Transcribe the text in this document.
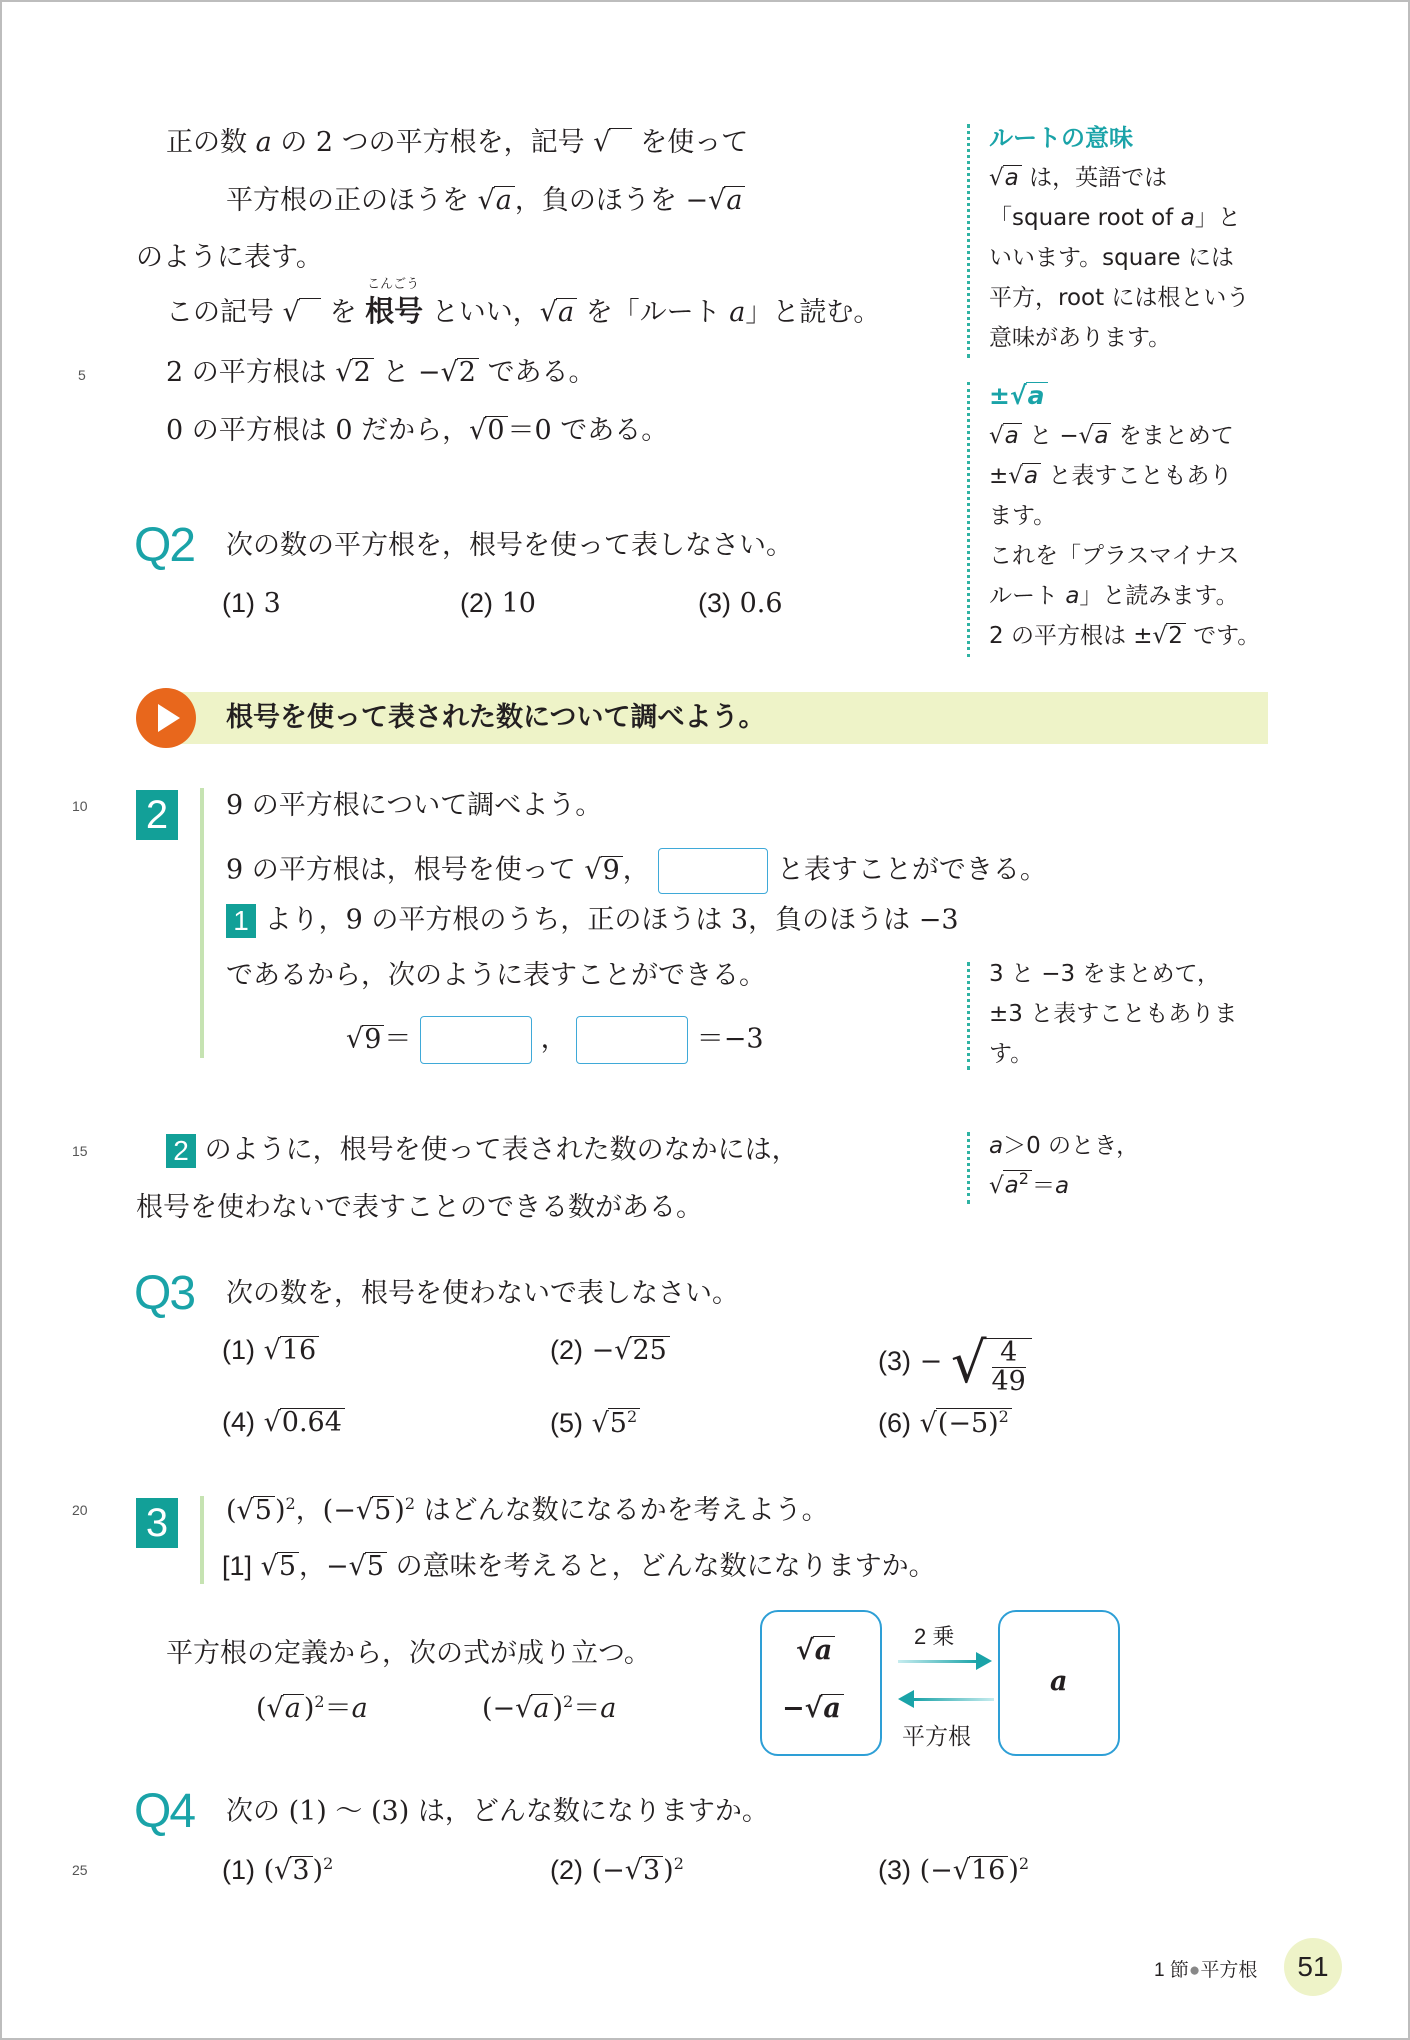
5
10
15
20
25
正の数 a の 2 つの平方根を，記号 √ を使って
平方根の正のほうを √a ，負のほうを −√a
のように表す。
この記号 √ を
こんごう
根号 といい，√a を「ルート a」と読む。
2 の平方根は √2 と −√2 である。
0 の平方根は 0 だから，√0 ＝0 である。
ルートの意味
√a は，英語では
「square root of a」と
いいます。square には
平方，root には根という
意味があります。
±√a
√a と −√a をまとめて
±√a と表すこともあり
ます。
これを「プラスマイナス
ルート a」と読みます。
2 の平方根は ±√2 です。
Q2 次の数の平方根を，根号を使って表しなさい。
(1) 3	(2) 10	(3) 0.6
根号を使って表された数について調べよう。
2	9 の平方根について調べよう。
9 の平方根は，根号を使って √9 ，	と表すことができる。
1 より，9 の平方根のうち，正のほうは 3，負のほうは −3
であるから，次のように表すことができる。
√9 ＝	，	＝−3
3 と −3 をまとめて，
±3 と表すこともありま
す。
2 のように，根号を使って表された数のなかには，
根号を使わないで表すことのできる数がある。
a＞0 のとき，
$√a^2 =a$
Q3 次の数を，根号を使わないで表しなさい。
(1) √16	(2) −√25	(3) − √ $\frac{4}{49}$
(4) √0.64	(5) $√5^2$	(6) $√(-5)^2$
3	(√5 )$^2$，(−√5 )$^2$ はどんな数になるかを考えよう。
[1] √5 ，−√5 の意味を考えると，どんな数になりますか。
平方根の定義から，次の式が成り立つ。
(√a )$^2$＝a	(−√a )$^2$＝a
√a
−√a
2 乗
平方根
a
Q4 次の (1) ～ (3) は，どんな数になりますか。
(1) (√3 )$^2$	(2) (−√3 )$^2$	(3) (−√16 )$^2$
1 節●平方根	51
